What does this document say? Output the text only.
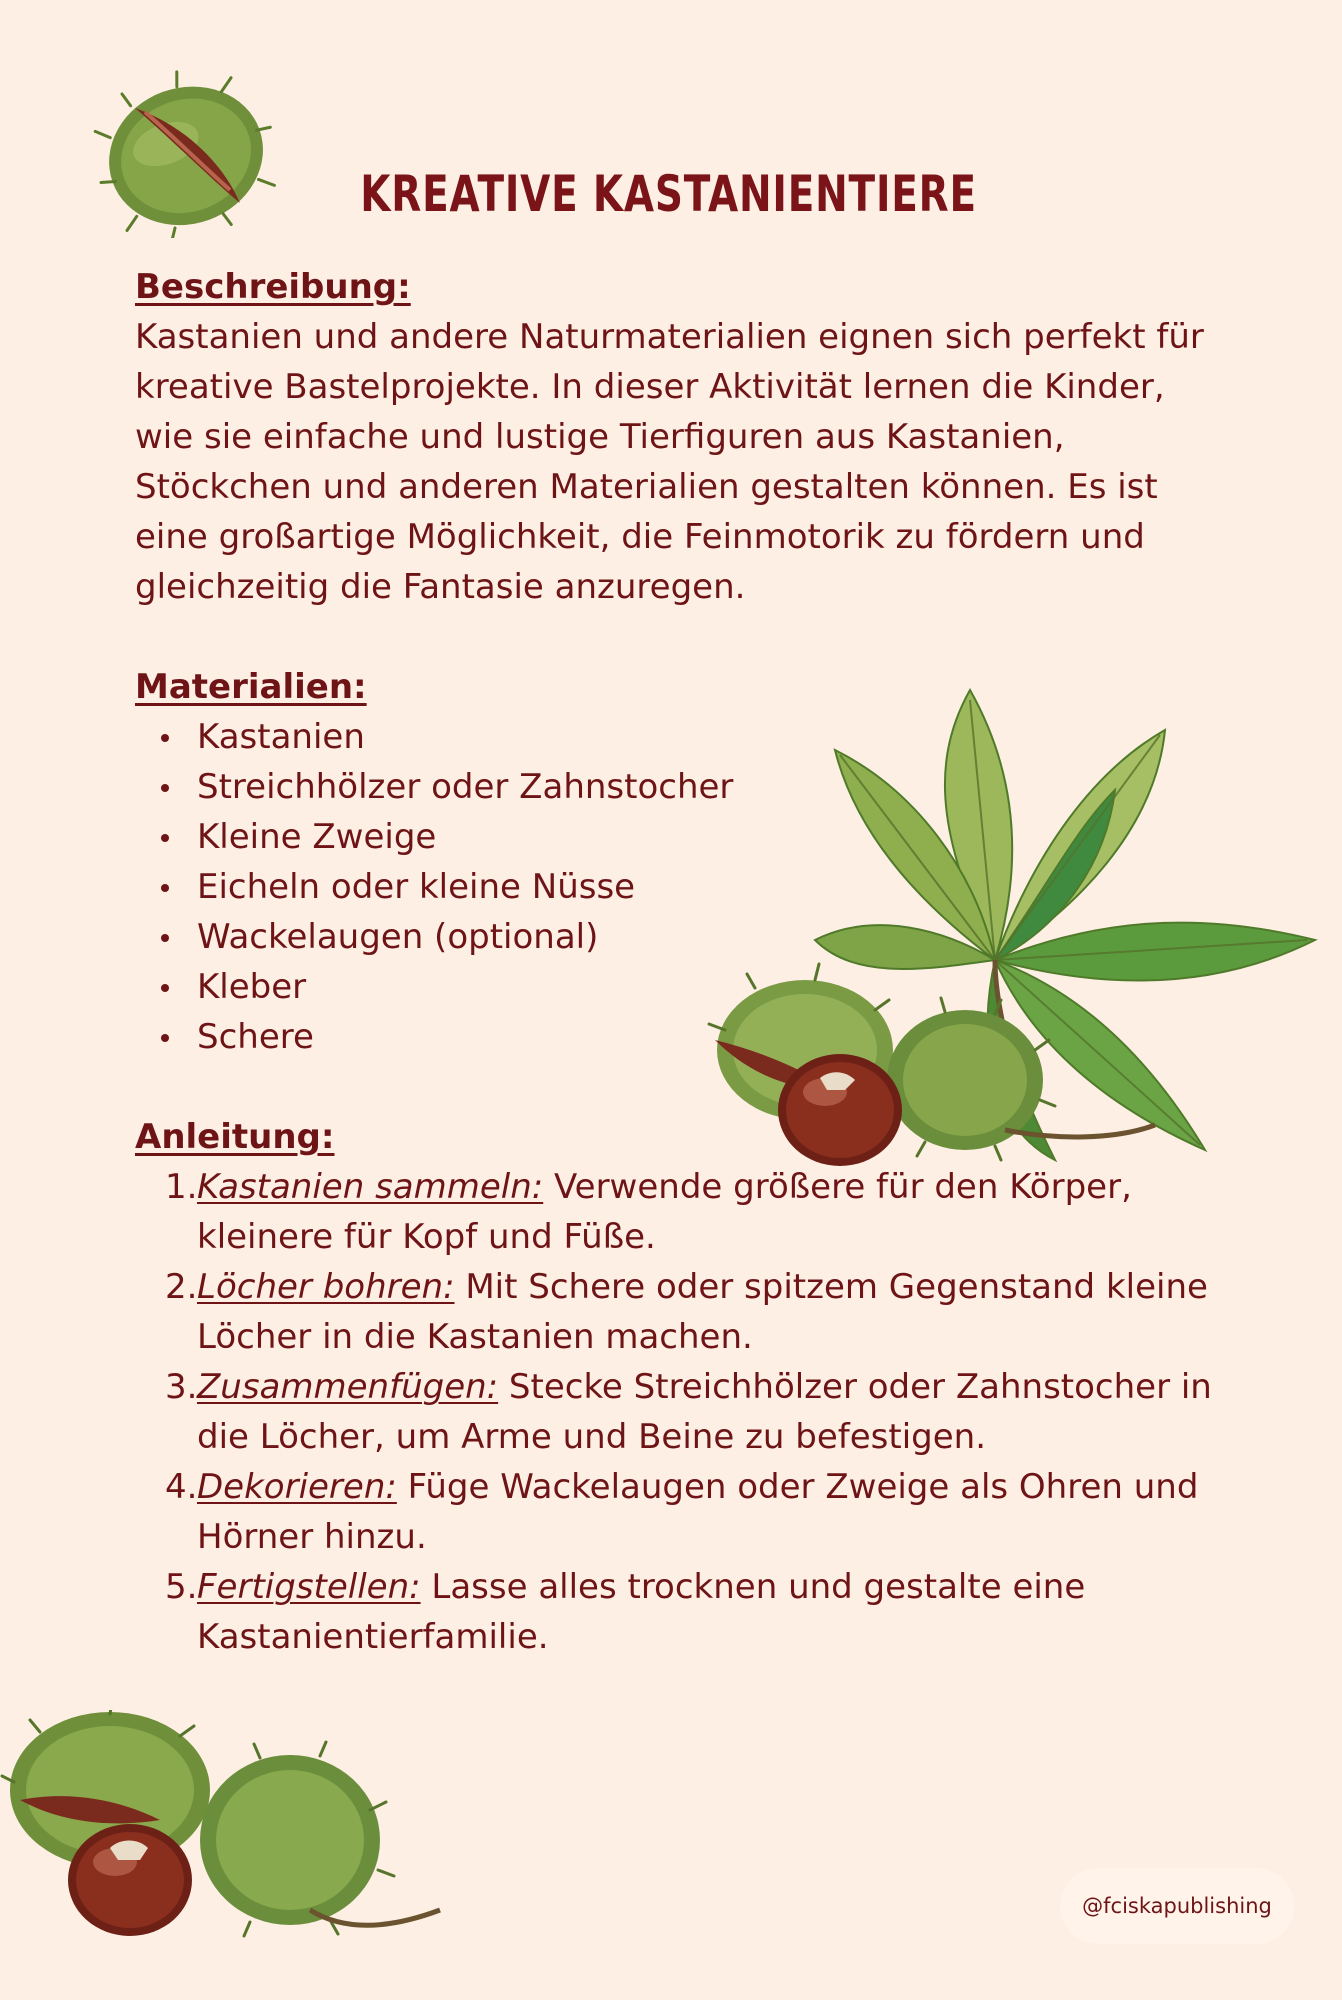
KREATIVE KASTANIENTIERE
Beschreibung:

Kastanien und andere Naturmaterialien eignen sich perfekt für kreative Bastelprojekte. In dieser Aktivität lernen die Kinder, wie sie einfache und lustige Tierfiguren aus Kastanien, Stöckchen und anderen Materialien gestalten können. Es ist eine großartige Möglichkeit, die Feinmotorik zu fördern und gleichzeitig die Fantasie anzuregen.

Materialien:
Kastanien
Streichhölzer oder Zahnstocher
Kleine Zweige
Eicheln oder kleine Nüsse
Wackelaugen (optional)
Kleber
Schere
Anleitung:
1. Kastanien sammeln: Verwende größere für den Körper, kleinere für Kopf und Füße.
2. Löcher bohren: Mit Schere oder spitzem Gegenstand kleine Löcher in die Kastanien machen.
3. Zusammenfügen: Stecke Streichhölzer oder Zahnstocher in die Löcher, um Arme und Beine zu befestigen.
4. Dekorieren: Füge Wackelaugen oder Zweige als Ohren und Hörner hinzu.
5. Fertigstellen: Lasse alles trocknen und gestalte eine Kastanientierfamilie.
@fciskapublishing
